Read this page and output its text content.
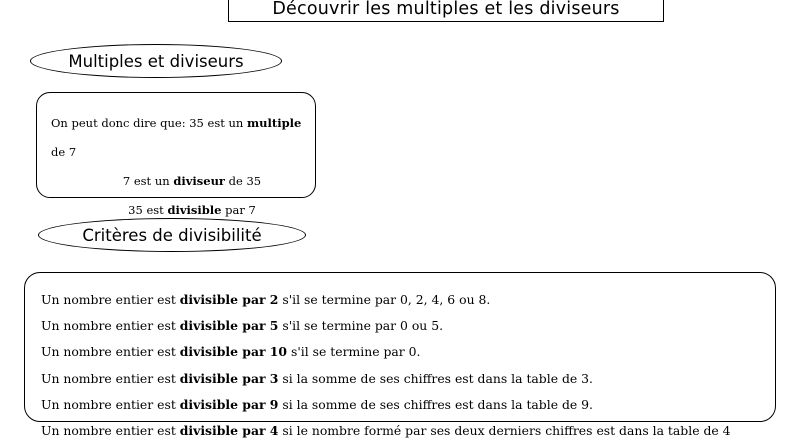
Découvrir les multiples et les diviseurs
Multiples et diviseurs
On peut donc dire que: 35 est un multiple de 7
7 est un diviseur de 35
35 est divisible par 7
Critères de divisibilité
Un nombre entier est divisible par 2 s'il se termine par 0, 2, 4, 6 ou 8.
Un nombre entier est divisible par 5 s'il se termine par 0 ou 5.
Un nombre entier est divisible par 10 s'il se termine par 0.
Un nombre entier est divisible par 3 si la somme de ses chiffres est dans la table de 3.
Un nombre entier est divisible par 9 si la somme de ses chiffres est dans la table de 9.
Un nombre entier est divisible par 4 si le nombre formé par ses deux derniers chiffres est dans la table de 4
